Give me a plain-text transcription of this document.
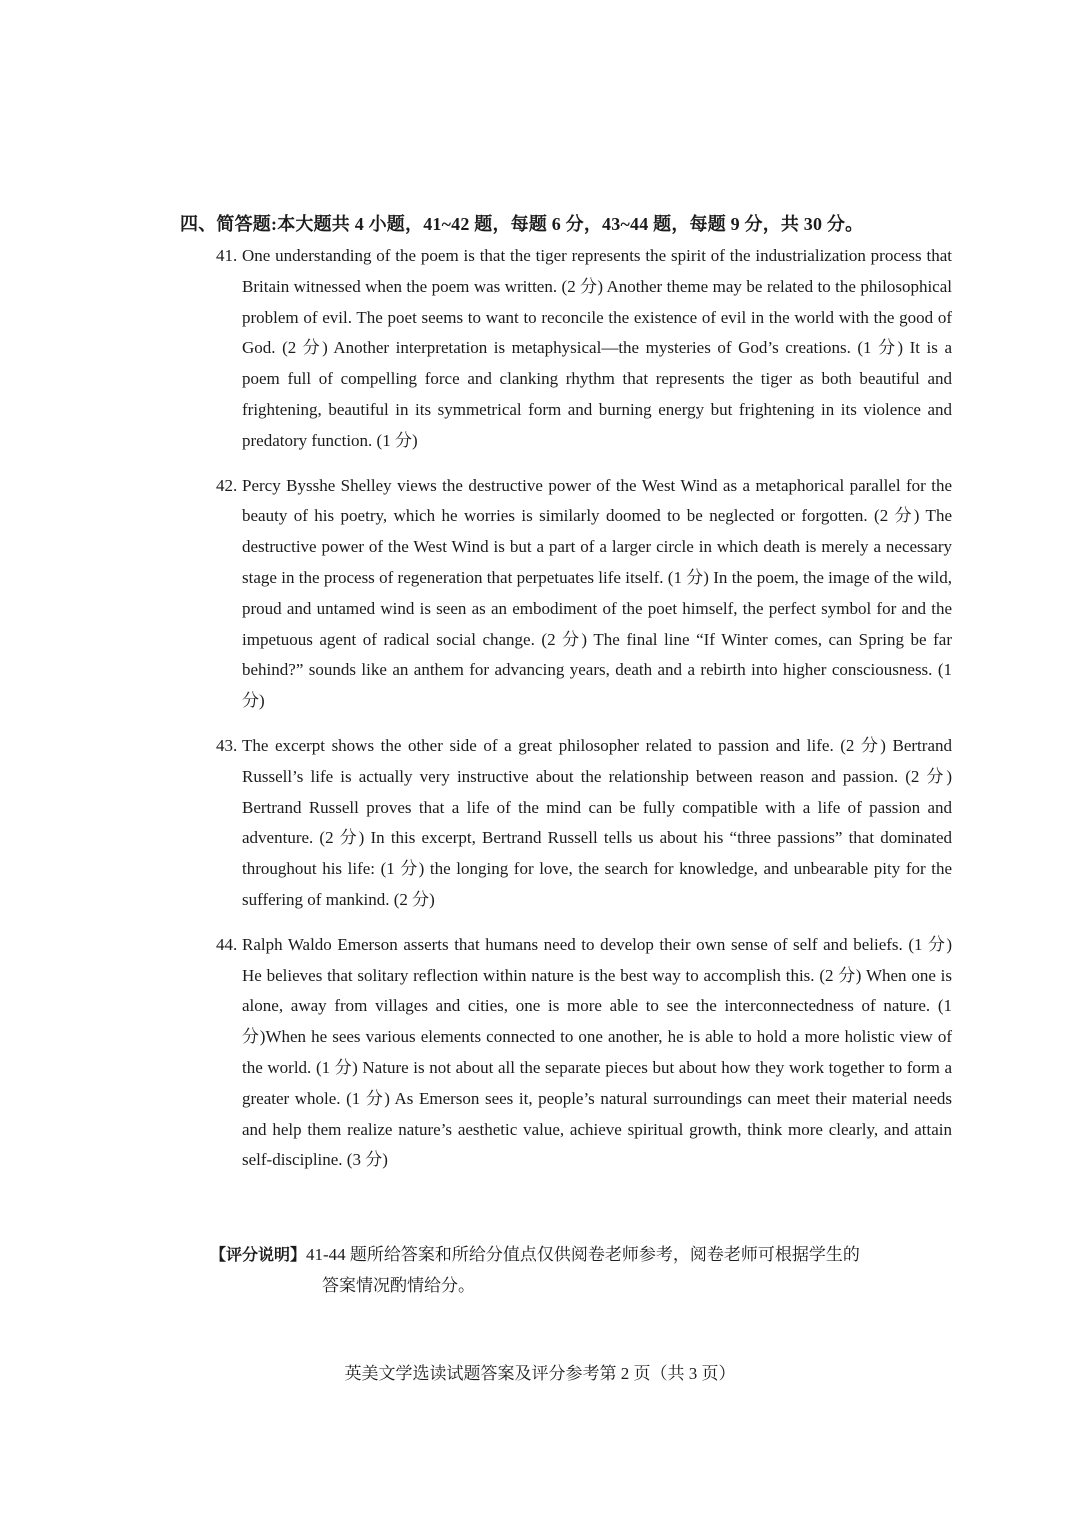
四、简答题:本大题共 4 小题，41~42 题，每题 6 分，43~44 题，每题 9 分，共 30 分。
41. One understanding of the poem is that the tiger represents the spirit of the industrialization process that Britain witnessed when the poem was written. (2 分) Another theme may be related to the philosophical problem of evil. The poet seems to want to reconcile the existence of evil in the world with the good of God. (2 分) Another interpretation is metaphysical—the mysteries of God’s creations. (1 分) It is a poem full of compelling force and clanking rhythm that represents the tiger as both beautiful and frightening, beautiful in its symmetrical form and burning energy but frightening in its violence and predatory function. (1 分)
42. Percy Bysshe Shelley views the destructive power of the West Wind as a metaphorical parallel for the beauty of his poetry, which he worries is similarly doomed to be neglected or forgotten. (2 分) The destructive power of the West Wind is but a part of a larger circle in which death is merely a necessary stage in the process of regeneration that perpetuates life itself. (1 分) In the poem, the image of the wild, proud and untamed wind is seen as an embodiment of the poet himself, the perfect symbol for and the impetuous agent of radical social change. (2 分) The final line “If Winter comes, can Spring be far behind?” sounds like an anthem for advancing years, death and a rebirth into higher consciousness. (1 分)
43. The excerpt shows the other side of a great philosopher related to passion and life. (2 分) Bertrand Russell’s life is actually very instructive about the relationship between reason and passion. (2 分) Bertrand Russell proves that a life of the mind can be fully compatible with a life of passion and adventure. (2 分) In this excerpt, Bertrand Russell tells us about his “three passions” that dominated throughout his life: (1 分) the longing for love, the search for knowledge, and unbearable pity for the suffering of mankind. (2 分)
44. Ralph Waldo Emerson asserts that humans need to develop their own sense of self and beliefs. (1 分) He believes that solitary reflection within nature is the best way to accomplish this. (2 分) When one is alone, away from villages and cities, one is more able to see the interconnectedness of nature. (1 分)When he sees various elements connected to one another, he is able to hold a more holistic view of the world. (1 分) Nature is not about all the separate pieces but about how they work together to form a greater whole. (1 分) As Emerson sees it, people’s natural surroundings can meet their material needs and help them realize nature’s aesthetic value, achieve spiritual growth, think more clearly, and attain self-discipline. (3 分)
【评分说明】41-44 题所给答案和所给分值点仅供阅卷老师参考，阅卷老师可根据学生的
答案情况酌情给分。
英美文学选读试题答案及评分参考第 2 页（共 3 页）
